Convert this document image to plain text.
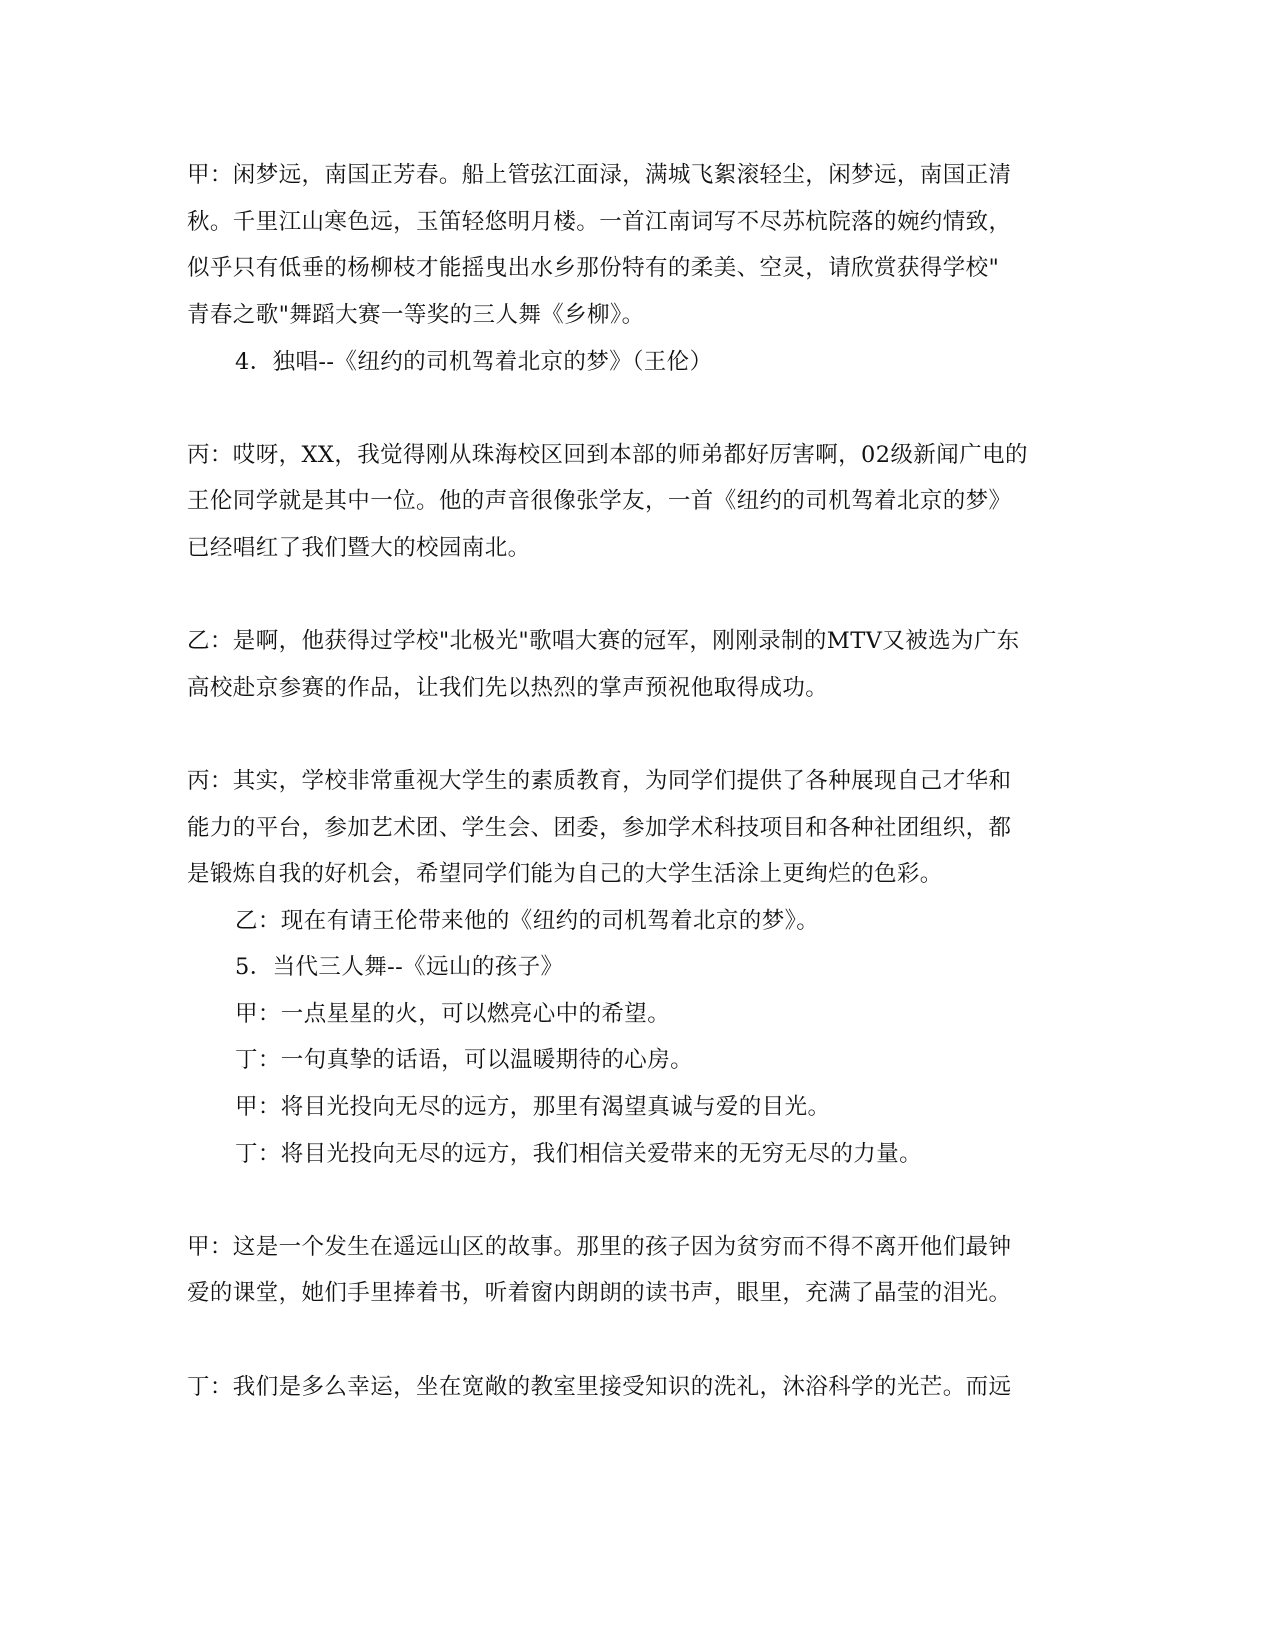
甲：闲梦远，南国正芳春。船上管弦江面渌，满城飞絮滚轻尘，闲梦远，南国正清
秋。千里江山寒色远，玉笛轻悠明月楼。一首江南词写不尽苏杭院落的婉约情致，
似乎只有低垂的杨柳枝才能摇曳出水乡那份特有的柔美、空灵，请欣赏获得学校"
青春之歌"舞蹈大赛一等奖的三人舞《乡柳》。
4．独唱--《纽约的司机驾着北京的梦》（王伦）
丙：哎呀，XX，我觉得刚从珠海校区回到本部的师弟都好厉害啊，02级新闻广电的
王伦同学就是其中一位。他的声音很像张学友，一首《纽约的司机驾着北京的梦》
已经唱红了我们暨大的校园南北。
乙：是啊，他获得过学校"北极光"歌唱大赛的冠军，刚刚录制的MTV又被选为广东
高校赴京参赛的作品，让我们先以热烈的掌声预祝他取得成功。
丙：其实，学校非常重视大学生的素质教育，为同学们提供了各种展现自己才华和
能力的平台，参加艺术团、学生会、团委，参加学术科技项目和各种社团组织，都
是锻炼自我的好机会，希望同学们能为自己的大学生活涂上更绚烂的色彩。
乙：现在有请王伦带来他的《纽约的司机驾着北京的梦》。
5．当代三人舞--《远山的孩子》
甲：一点星星的火，可以燃亮心中的希望。
丁：一句真挚的话语，可以温暖期待的心房。
甲：将目光投向无尽的远方，那里有渴望真诚与爱的目光。
丁：将目光投向无尽的远方，我们相信关爱带来的无穷无尽的力量。
甲：这是一个发生在遥远山区的故事。那里的孩子因为贫穷而不得不离开他们最钟
爱的课堂，她们手里捧着书，听着窗内朗朗的读书声，眼里，充满了晶莹的泪光。
丁：我们是多么幸运，坐在宽敞的教室里接受知识的洗礼，沐浴科学的光芒。而远
